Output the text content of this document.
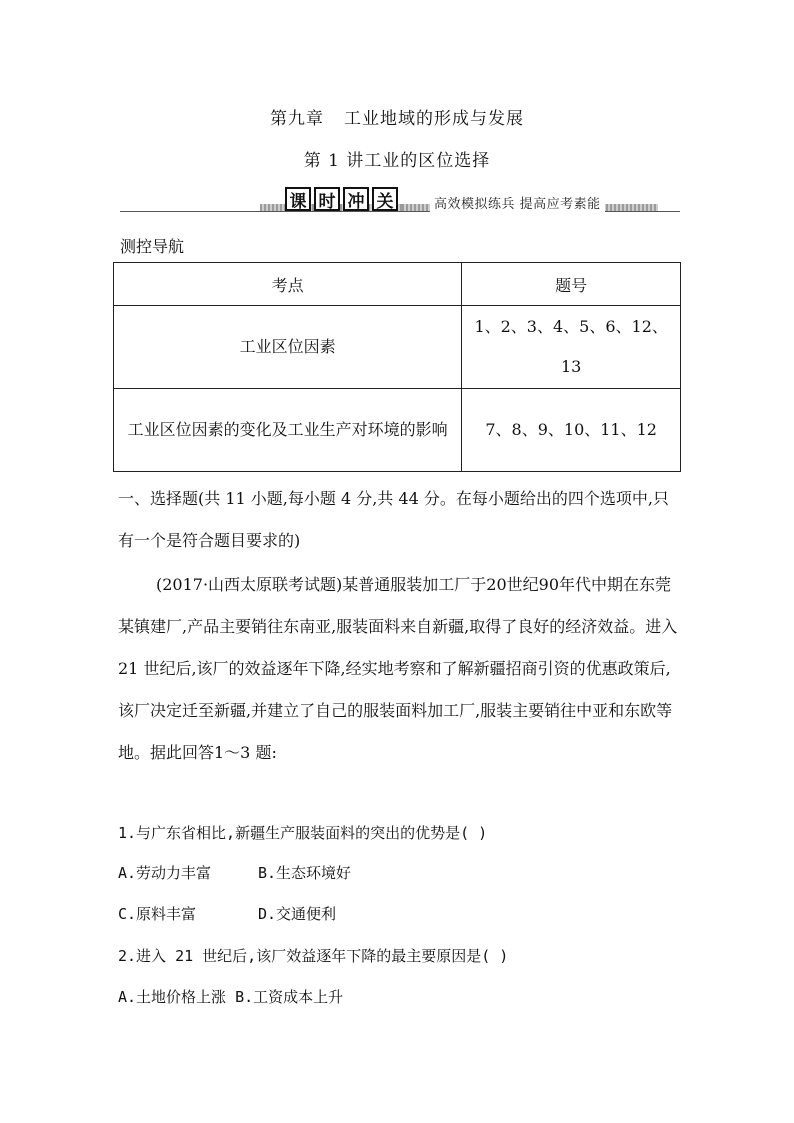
第九章 工业地域的形成与发展
第 1 讲工业的区位选择
课 时 冲 关	高效模拟练兵 提高应考素能
测控导航
考点	题号
工业区位因素	1、2、3、4、5、6、12、13
工业区位因素的变化及工业生产对环境的影响	7、8、9、10、11、12
一、选择题(共 11 小题,每小题 4 分,共 44 分。在每小题给出的四个选项中,只有一个是符合题目要求的)
(2017·山西太原联考试题)某普通服装加工厂于20世纪90年代中期在东莞某镇建厂,产品主要销往东南亚,服装面料来自新疆,取得了良好的经济效益。进入 21 世纪后,该厂的效益逐年下降,经实地考察和了解新疆招商引资的优惠政策后,该厂决定迁至新疆,并建立了自己的服装面料加工厂,服装主要销往中亚和东欧等地。据此回答1～3 题:
1.与广东省相比,新疆生产服装面料的突出的优势是( )
A.劳动力丰富	B.生态环境好
C.原料丰富	D.交通便利
2.进入 21 世纪后,该厂效益逐年下降的最主要原因是( )
A.土地价格上涨 B.工资成本上升
